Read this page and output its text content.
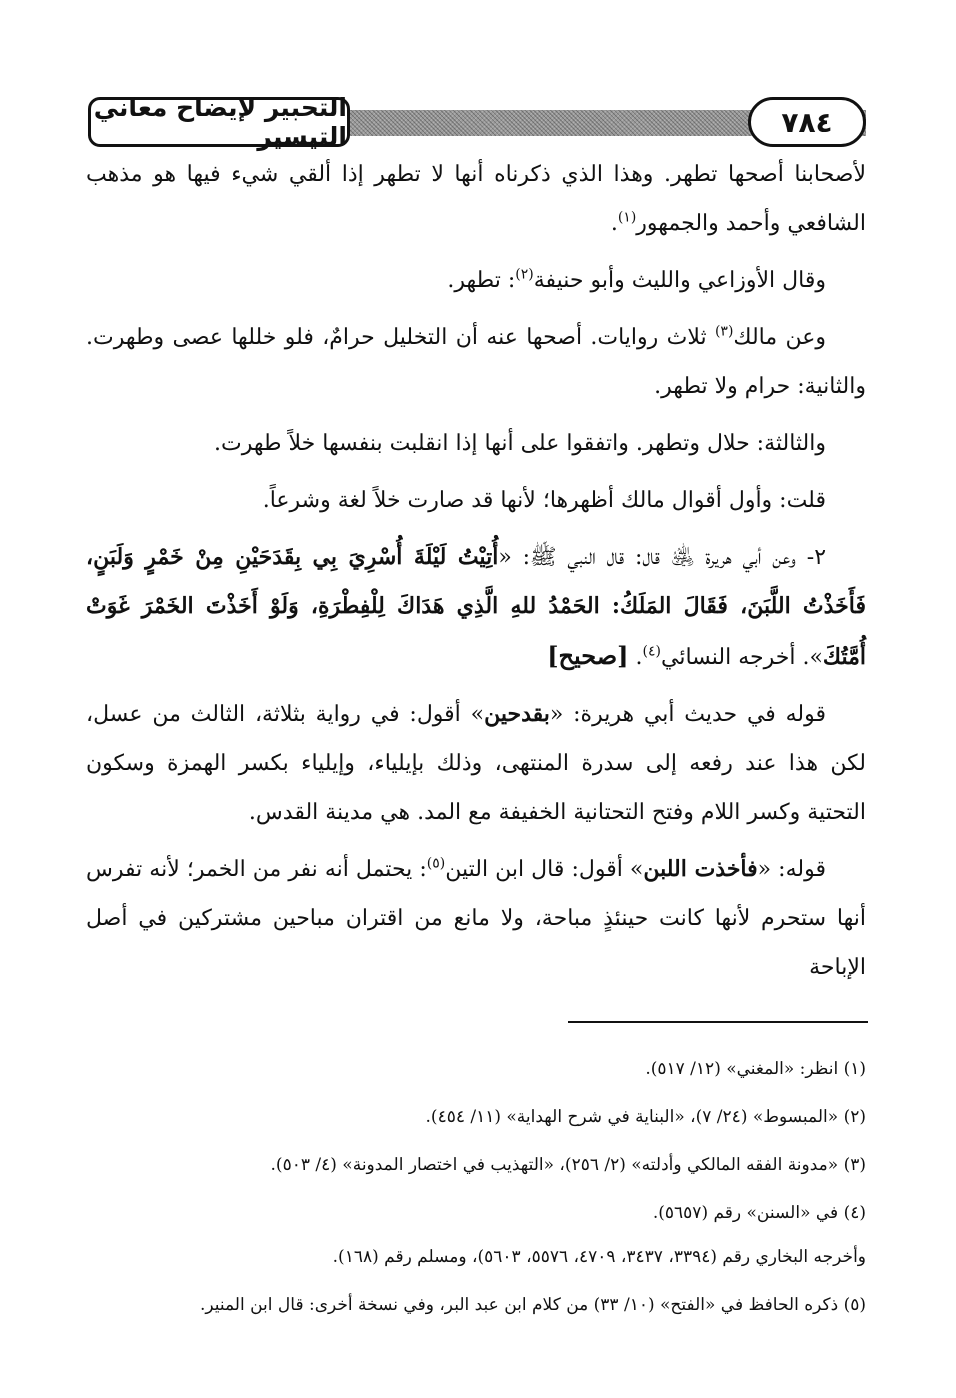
التحبير لإيضاح معاني التيسير	٧٨٤

لأصحابنا أصحها تطهر. وهذا الذي ذكرناه أنها لا تطهر إذا ألقي شيء فيها هو مذهب الشافعي وأحمد والجمهور$^{(١)}$.

وقال الأوزاعي والليث وأبو حنيفة$^{(٢)}$: تطهر.

وعن مالك$^{(٣)}$ ثلاث روايات. أصحها عنه أن التخليل حرامٌ، فلو خللها عصى وطهرت. والثانية: حرام ولا تطهر.

والثالثة: حلال وتطهر. واتفقوا على أنها إذا انقلبت بنفسها خلاً طهرت.

قلت: وأول أقوال مالك أظهرها؛ لأنها قد صارت خلاً لغة وشرعاً.

٢- وعن أبي هريرة ﵁ قال: قال النبي ﷺ: «أُتِيْتُ لَيْلَةَ أُسْرِيَ بِي بِقَدَحَيْنِ مِنْ خَمْرٍ وَلَبَنٍ، فَأَخَذْتُ اللَّبَنَ، فَقَالَ المَلَكُ: الحَمْدُ للهِ الَّذِي هَدَاكَ لِلْفِطْرَةِ، وَلَوْ أَخَذْتَ الخَمْرَ غَوَتْ أُمَّتُكَ». أخرجه النسائي$^{(٤)}$. [صحيح]

قوله في حديث أبي هريرة: «بقدحين» أقول: في رواية بثلاثة، الثالث من عسل، لكن هذا عند رفعه إلى سدرة المنتهى، وذلك بإيلياء، وإيلياء بكسر الهمزة وسكون التحتية وكسر اللام وفتح التحتانية الخفيفة مع المد. هي مدينة القدس.

قوله: «فأخذت اللبن» أقول: قال ابن التين$^{(٥)}$: يحتمل أنه نفر من الخمر؛ لأنه تفرس أنها ستحرم لأنها كانت حينئذٍ مباحة، ولا مانع من اقتران مباحين مشتركين في أصل الإباحة

(١) انظر: «المغني» (١٢/ ٥١٧).

(٢) «المبسوط» (٢٤/ ٧)، «البناية في شرح الهداية» (١١/ ٤٥٤).

(٣) «مدونة الفقه المالكي وأدلته» (٢/ ٢٥٦)، «التهذيب في اختصار المدونة» (٤/ ٥٠٣).

(٤) في «السنن» رقم (٥٦٥٧).

وأخرجه البخاري رقم (٣٣٩٤، ٣٤٣٧، ٤٧٠٩، ٥٥٧٦، ٥٦٠٣)، ومسلم رقم (١٦٨).

(٥) ذكره الحافظ في «الفتح» (١٠/ ٣٣) من كلام ابن عبد البر، وفي نسخة أخرى: قال ابن المنير.
